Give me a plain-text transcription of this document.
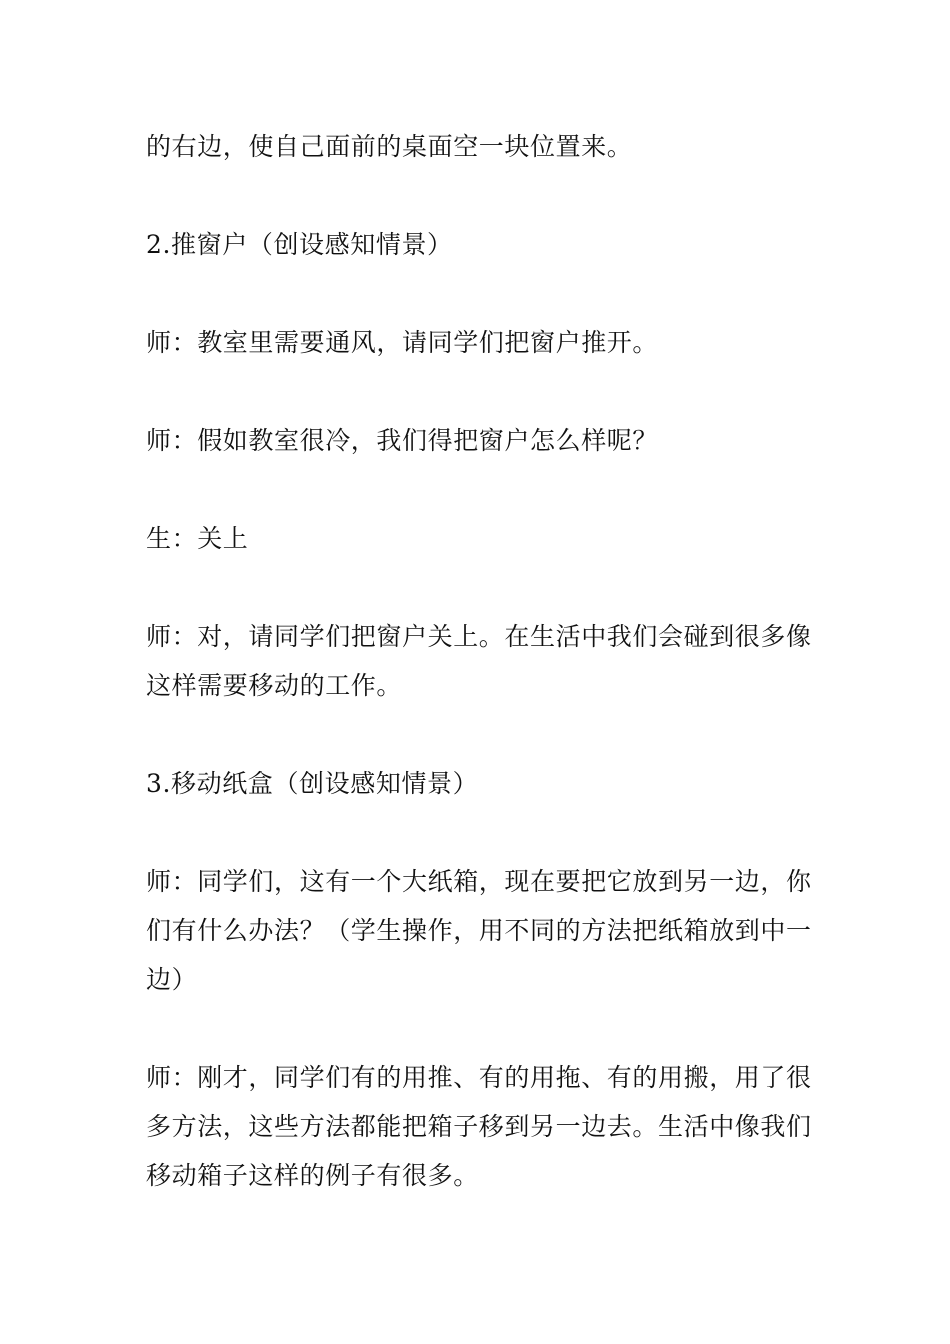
的右边，使自己面前的桌面空一块位置来。

2.推窗户（创设感知情景）

师：教室里需要通风，请同学们把窗户推开。

师：假如教室很冷，我们得把窗户怎么样呢？

生：关上

师：对，请同学们把窗户关上。在生活中我们会碰到很多像这样需要移动的工作。

3.移动纸盒（创设感知情景）

师：同学们，这有一个大纸箱，现在要把它放到另一边，你们有什么办法？（学生操作，用不同的方法把纸箱放到中一边）

师：刚才，同学们有的用推、有的用拖、有的用搬，用了很多方法，这些方法都能把箱子移到另一边去。生活中像我们移动箱子这样的例子有很多。
